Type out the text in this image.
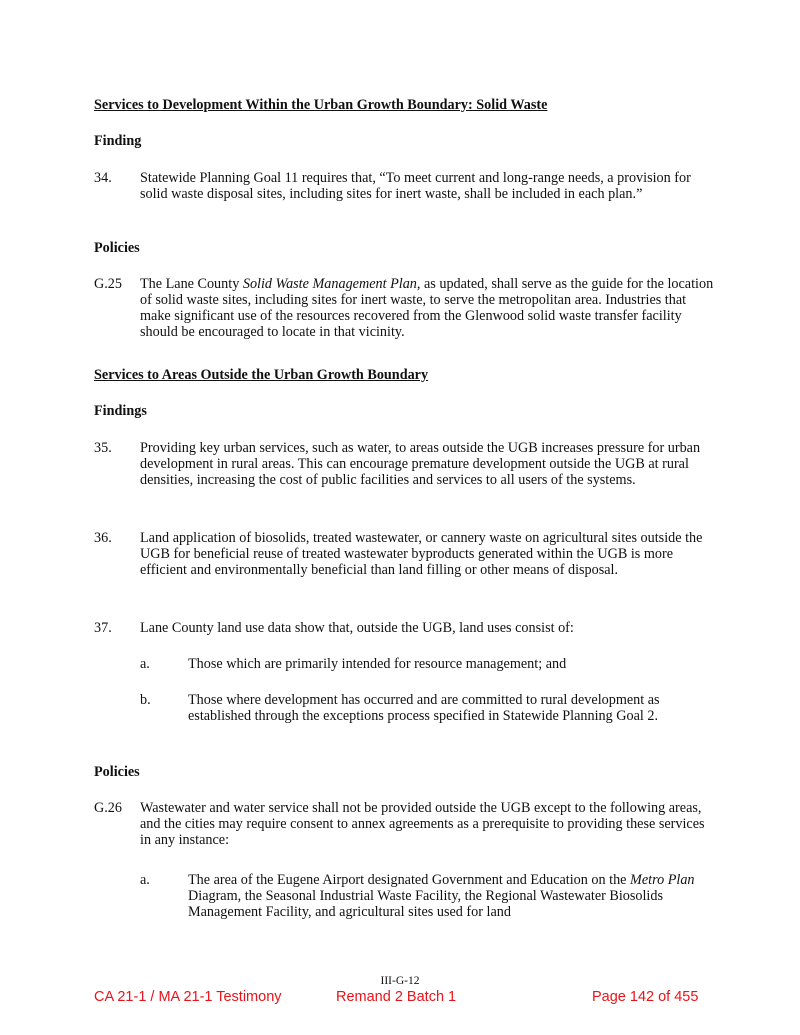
Services to Development Within the Urban Growth Boundary: Solid Waste
Finding
34. Statewide Planning Goal 11 requires that, “To meet current and long-range needs, a provision for solid waste disposal sites, including sites for inert waste, shall be included in each plan.”
Policies
G.25 The Lane County Solid Waste Management Plan, as updated, shall serve as the guide for the location of solid waste sites, including sites for inert waste, to serve the metropolitan area. Industries that make significant use of the resources recovered from the Glenwood solid waste transfer facility should be encouraged to locate in that vicinity.
Services to Areas Outside the Urban Growth Boundary
Findings
35. Providing key urban services, such as water, to areas outside the UGB increases pressure for urban development in rural areas. This can encourage premature development outside the UGB at rural densities, increasing the cost of public facilities and services to all users of the systems.
36. Land application of biosolids, treated wastewater, or cannery waste on agricultural sites outside the UGB for beneficial reuse of treated wastewater byproducts generated within the UGB is more efficient and environmentally beneficial than land filling or other means of disposal.
37. Lane County land use data show that, outside the UGB, land uses consist of:
a.	Those which are primarily intended for resource management; and
b.	Those where development has occurred and are committed to rural development as established through the exceptions process specified in Statewide Planning Goal 2.
Policies
G.26 Wastewater and water service shall not be provided outside the UGB except to the following areas, and the cities may require consent to annex agreements as a prerequisite to providing these services in any instance:
a.	The area of the Eugene Airport designated Government and Education on the Metro Plan Diagram, the Seasonal Industrial Waste Facility, the Regional Wastewater Biosolids Management Facility, and agricultural sites used for land
III-G-12
CA 21-1 / MA 21-1 Testimony	Remand 2 Batch 1	Page 142 of 455
